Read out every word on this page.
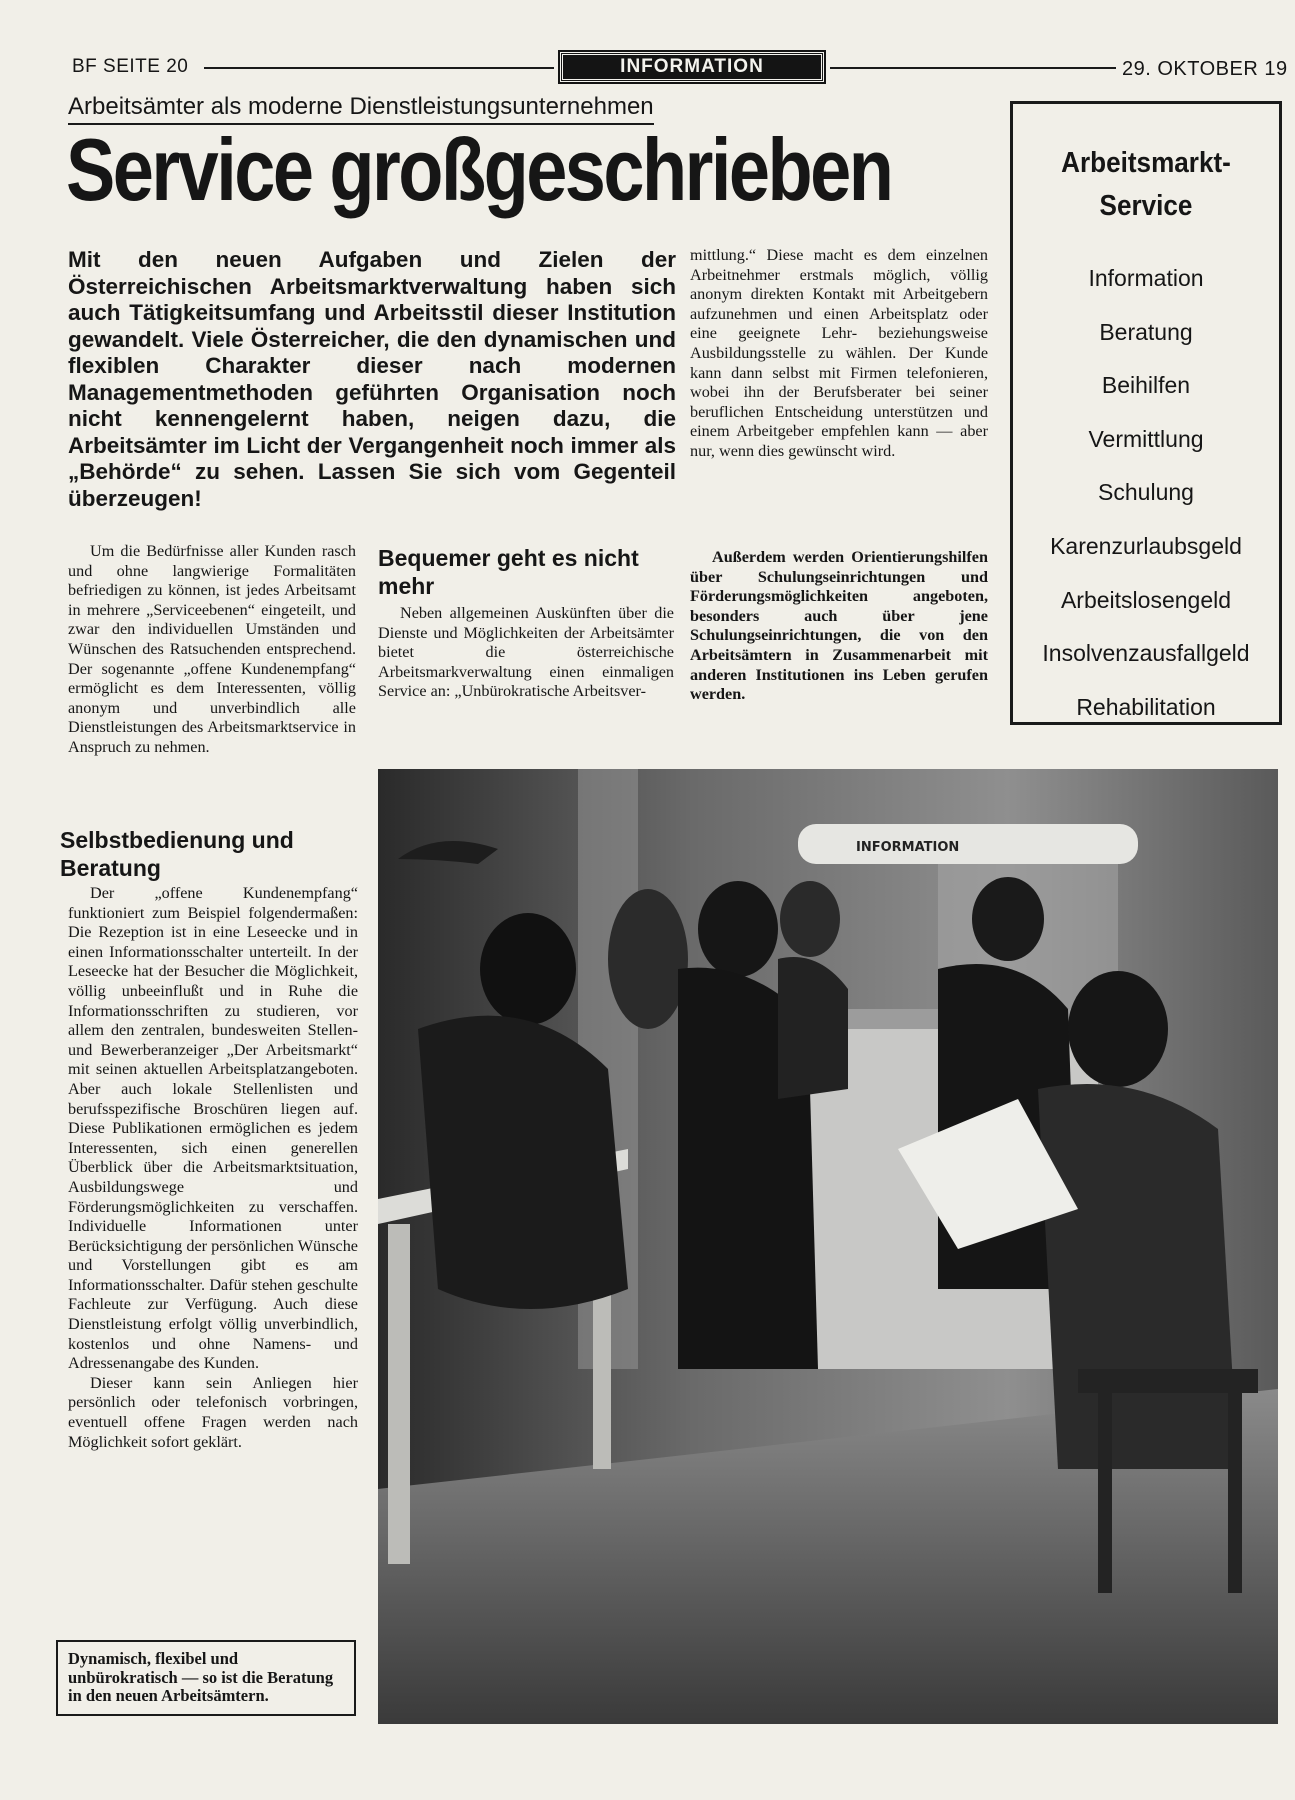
BF SEITE 20	INFORMATION	29. OKTOBER 19
Arbeitsämter als moderne Dienstleistungsunternehmen
Service großgeschrieben
Mit den neuen Aufgaben und Zielen der Österreichischen Arbeitsmarktverwaltung haben sich auch Tätigkeitsumfang und Arbeitsstil dieser Institution gewandelt. Viele Österreicher, die den dynamischen und flexiblen Charakter dieser nach modernen Managementmethoden geführten Organisation noch nicht kennengelernt haben, neigen dazu, die Arbeitsämter im Licht der Vergangenheit noch immer als „Behörde“ zu sehen. Lassen Sie sich vom Gegenteil überzeugen!

Um die Bedürfnisse aller Kunden rasch und ohne langwierige Formalitäten befriedigen zu können, ist jedes Arbeitsamt in mehrere „Serviceebenen“ eingeteilt, und zwar den individuellen Umständen und Wünschen des Ratsuchenden entsprechend. Der sogenannte „offene Kundenempfang“ ermöglicht es dem Interessenten, völlig anonym und unverbindlich alle Dienstleistungen des Arbeitsmarktservice in Anspruch zu nehmen.

Selbstbedienung und Beratung

Der „offene Kundenempfang“ funktioniert zum Beispiel folgendermaßen: Die Rezeption ist in eine Leseecke und in einen Informationsschalter unterteilt. In der Leseecke hat der Besucher die Möglichkeit, völlig unbeeinflußt und in Ruhe die Informationsschriften zu studieren, vor allem den zentralen, bundesweiten Stellen- und Bewerberanzeiger „Der Arbeitsmarkt“ mit seinen aktuellen Arbeitsplatzangeboten. Aber auch lokale Stellenlisten und berufsspezifische Broschüren liegen auf. Diese Publikationen ermöglichen es jedem Interessenten, sich einen generellen Überblick über die Arbeitsmarktsituation, Ausbildungswege und Förderungsmöglichkeiten zu verschaffen. Individuelle Informationen unter Berücksichtigung der persönlichen Wünsche und Vorstellungen gibt es am Informationsschalter. Dafür stehen geschulte Fachleute zur Verfügung. Auch diese Dienstleistung erfolgt völlig unverbindlich, kostenlos und ohne Namens- und Adressenangabe des Kunden.

Dieser kann sein Anliegen hier persönlich oder telefonisch vorbringen, eventuell offene Fragen werden nach Möglichkeit sofort geklärt.

Bequemer geht es nicht mehr

Neben allgemeinen Auskünften über die Dienste und Möglichkeiten der Arbeitsämter bietet die österreichische Arbeitsmarkverwaltung einen einmaligen Service an: „Unbürokratische Arbeitsver-

mittlung.“ Diese macht es dem einzelnen Arbeitnehmer erstmals möglich, völlig anonym direkten Kontakt mit Arbeitgebern aufzunehmen und einen Arbeitsplatz oder eine geeignete Lehr- beziehungsweise Ausbildungsstelle zu wählen. Der Kunde kann dann selbst mit Firmen telefonieren, wobei ihn der Berufsberater bei seiner beruflichen Entscheidung unterstützen und einem Arbeitgeber empfehlen kann — aber nur, wenn dies gewünscht wird.

Außerdem werden Orientierungshilfen über Schulungseinrichtungen und Förderungsmöglichkeiten angeboten, besonders auch über jene Schulungseinrichtungen, die von den Arbeitsämtern in Zusammenarbeit mit anderen Institutionen ins Leben gerufen werden.

Arbeitsmarkt-Service
Information
Beratung
Beihilfen
Vermittlung
Schulung
Karenzurlaubsgeld
Arbeitslosengeld
Insolvenzausfallgeld
Rehabilitation
INFORMATION
Dynamisch, flexibel und unbürokratisch — so ist die Beratung in den neuen Arbeitsämtern.
